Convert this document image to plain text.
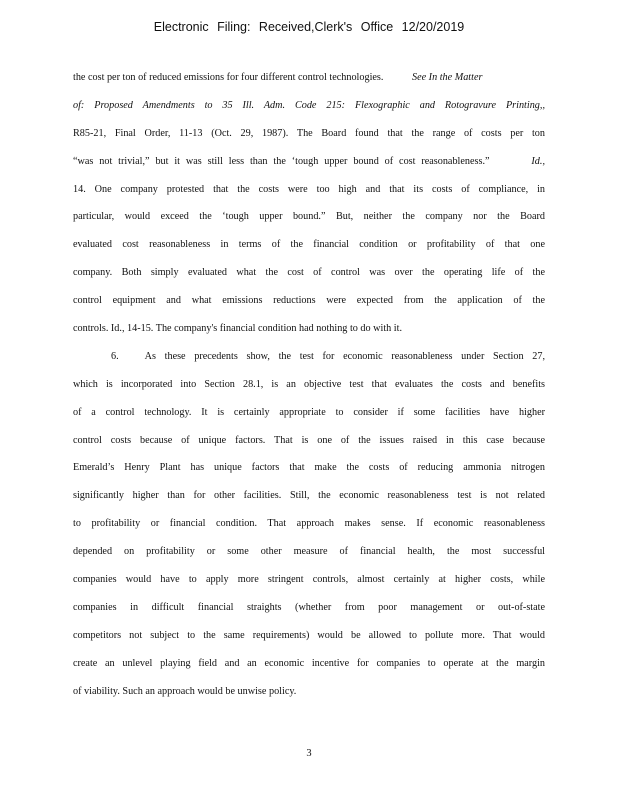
Electronic Filing: Received,Clerk's Office 12/20/2019
the cost per ton of reduced emissions for four different control technologies.	See In the Matter
of: Proposed Amendments to 35 Ill. Adm. Code 215: Flexographic and Rotogravure Printing,,
R85-21, Final Order, 11-13 (Oct. 29, 1987). The Board found that the range of costs per ton
“was not trivial,” but it was still less than the ‘tough upper bound of cost reasonableness.”	Id.,
14. One company protested that the costs were too high and that its costs of compliance, in
particular, would exceed the ‘tough upper bound.” But, neither the company nor the Board
evaluated cost reasonableness in terms of the financial condition or profitability of that one
company. Both simply evaluated what the cost of control was over the operating life of the
control equipment and what emissions reductions were expected from the application of the
controls. Id., 14-15. The company's financial condition had nothing to do with it.
6.	As these precedents show, the test for economic reasonableness under Section 27,
which is incorporated into Section 28.1, is an objective test that evaluates the costs and benefits
of a control technology. It is certainly appropriate to consider if some facilities have higher
control costs because of unique factors. That is one of the issues raised in this case because
Emerald’s Henry Plant has unique factors that make the costs of reducing ammonia nitrogen
significantly higher than for other facilities. Still, the economic reasonableness test is not related
to profitability or financial condition. That approach makes sense. If economic reasonableness
depended on profitability or some other measure of financial health, the most successful
companies would have to apply more stringent controls, almost certainly at higher costs, while
companies in difficult financial straights (whether from poor management or out-of-state
competitors not subject to the same requirements) would be allowed to pollute more. That would
create an unlevel playing field and an economic incentive for companies to operate at the margin
of viability. Such an approach would be unwise policy.
3
